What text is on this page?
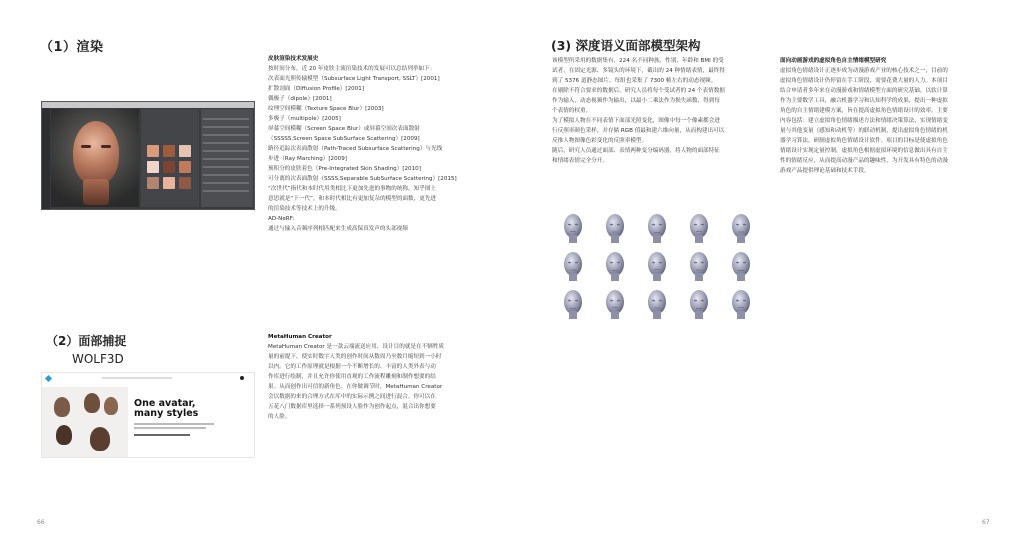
（1）渲染

皮肤渲染技术发展史

按时间分布，近 20 年皮肤主流渲染技术的发展可以总结列举如下：

次表面光照传输模型（Subsurface Light Transport, SSLT）[2001]

扩散剖面（Diffusion Profile）[2001]

偶极子（dipole）[2001]

纹理空间模糊（Texture Space Blur）[2003]

多极子（multipole）[2005]

屏幕空间模糊（Screen Space Blur）或屏幕空间次表面散射

（SSSSS,Screen Space SubSurface Scattering）[2009]

路径追踪次表面散射（Path-Traced Subsurface Scattering）与光线

步进（Ray Marching）[2009]

预积分的皮肤着色（Pre-Integrated Skin Shading）[2010]

可分离的次表面散射（SSSS,Separable SubSurface Scattering）[2015]

“次世代”指代和本时代用类相比下更加先进的事物的统称，知乎图上

意思就是“下一代”。和本时代相比有更加复杂的模型的面数，更先进

的渲染技术等技术上的升级。

AD-NeRF:

通过与输入音频序列相匹配来生成高保真发声的头部视频

（2）面部捕捉
WOLF3D
One avatar,
many styles

MetaHuman Creator

MetaHuman Creator 是一款云端流送应用，设计目的就是在不牺牲质

量的前提下，使实时数字人类的创作时间从数周乃至数月缩短到一小时

以内。它的工作原理就是根据一个不断增长的、丰富的人类外表与动

作库进行绘制，并且允许你使用直观的工作流程雕刻和制作想要的结

果。从而创作出可信的新角色。在你做调节时，MetaHuman Creator

会以数据的来的合理方式在库中的实际示例之间进行混合。你可以在

五花八门数据库里选择一系列预设人脸作为创作起点，混合出你想要

的人脸。

66
(3) 深度语义面部模型架构

该模型所采用的数据集有，224 名不同种族、性别、年龄和 BMI 的受

试者，在固定光源、多镜头的环境下，截出的 24 种情绪表情，最终得

到了 5376 道静态图片，每组也采集了 7300 帧左右的动态视频。

在剔除不符合要求的数据后，研究人员将每个受试者的 24 个表情数据

作为输入，动态视频作为输出，以最小二乘法作为损失函数，得到每

个表情的权重。

为了模拟人物在不同表情下面部光照变化，图像中每一个像素都会进

行反照率颜色采样，并存储 RGB 值最和建六维向量，从而构建出可以

反推人物图像色彩变化的反照率模型。

随后，研究人员通过面部、表情两种变分编码器，将人物的面部特征

和情绪表情完全分开。

面向动画游戏的虚拟角色自主情绪模型研究

虚拟角色情绪设计正逐步成为动漫游戏产业的核心技术之一，目前的

虚拟角色情绪设计仍停留在手工阶段，需要花费大量的人力。本项目

结合申请者多年来在动漫游戏和情绪模型方面的研究基础，以软计算

作为主要数学工具，融合机器学习和认知科学的成果，提出一种虚拟

角色的自主情绪建模方案，旨在提高虚拟角色情绪设计的效率。主要

内容包括：建立虚拟角色情绪描述方法和情绪决策算法，实现情绪变

量与其他变量（感知和动机等）的联动机制，提出虚拟角色情绪的机

器学习算法，研制虚拟角色情绪设计软件。项目的目标是使虚拟角色

情绪设计实现定量控制，虚拟角色根据虚拟环境的信息做出具有自主

性的情绪反应，从而提高动漫产品的趣味性，为开发具有特色的动漫

游戏产品提供理论基础和技术手段。

67
